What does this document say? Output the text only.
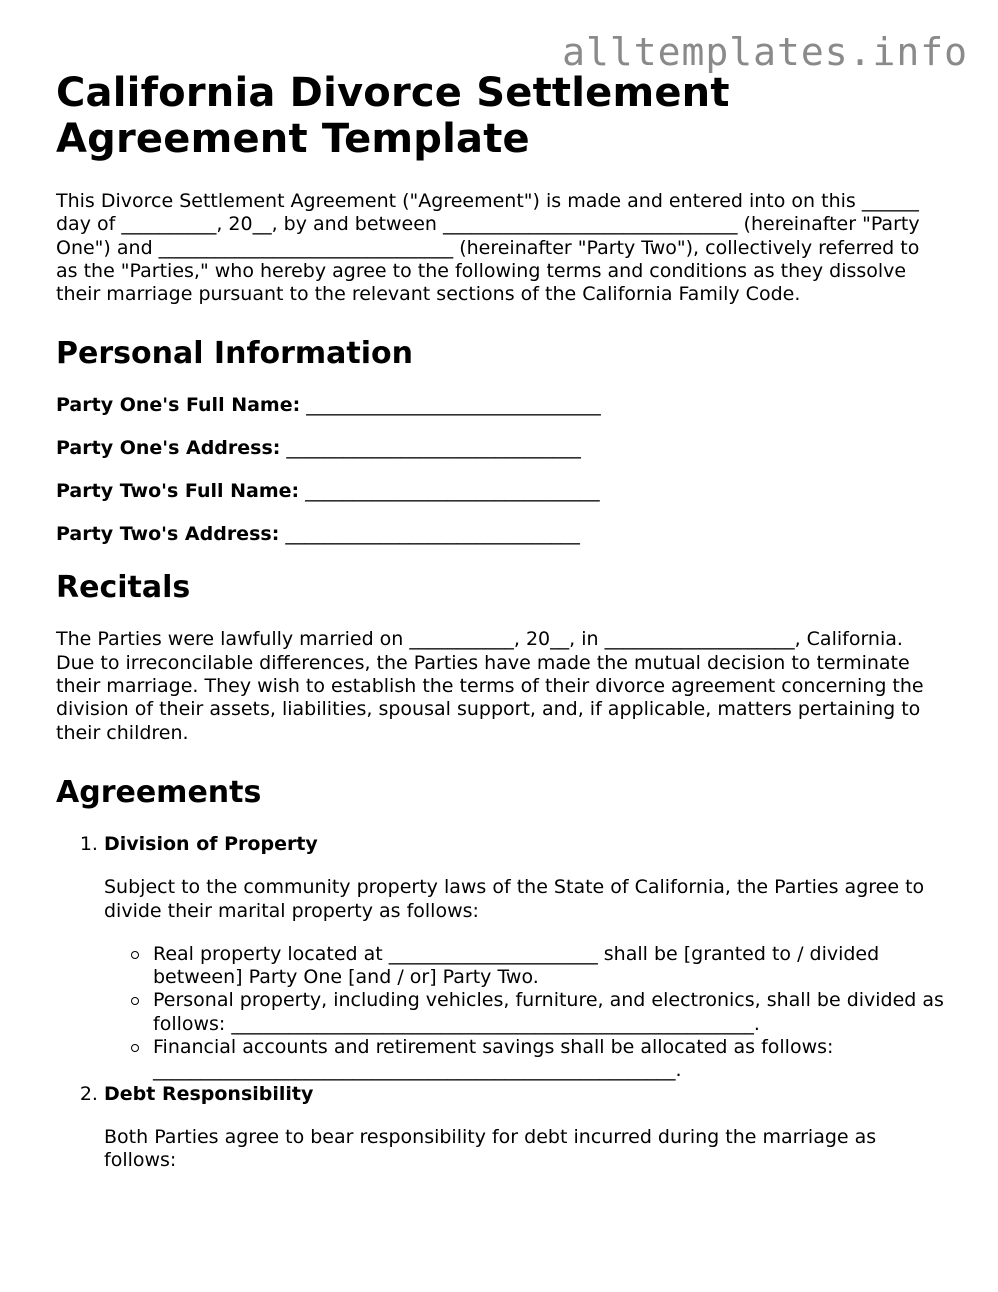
alltemplates.info
California Divorce Settlement
Agreement Template

This Divorce Settlement Agreement ("Agreement") is made and entered into on this ______ day of __________, 20__, by and between _______________________________ (hereinafter "Party One") and _______________________________ (hereinafter "Party Two"), collectively referred to as the "Parties," who hereby agree to the following terms and conditions as they dissolve their marriage pursuant to the relevant sections of the California Family Code.

Personal Information
Party One's Full Name: _______________________________
Party One's Address: _______________________________
Party Two's Full Name: _______________________________
Party Two's Address: _______________________________
Recitals

The Parties were lawfully married on ___________, 20__, in ____________________, California. Due to irreconcilable differences, the Parties have made the mutual decision to terminate their marriage. They wish to establish the terms of their divorce agreement concerning the division of their assets, liabilities, spousal support, and, if applicable, matters pertaining to their children.

Agreements
1. Division of Property

Subject to the community property laws of the State of California, the Parties agree to divide their marital property as follows:

Real property located at ______________________ shall be [granted to / divided between] Party One [and / or] Party Two.
Personal property, including vehicles, furniture, and electronics, shall be divided as follows: _______________________________________________________.
Financial accounts and retirement savings shall be allocated as follows: _______________________________________________________.
2. Debt Responsibility

Both Parties agree to bear responsibility for debt incurred during the marriage as follows:
